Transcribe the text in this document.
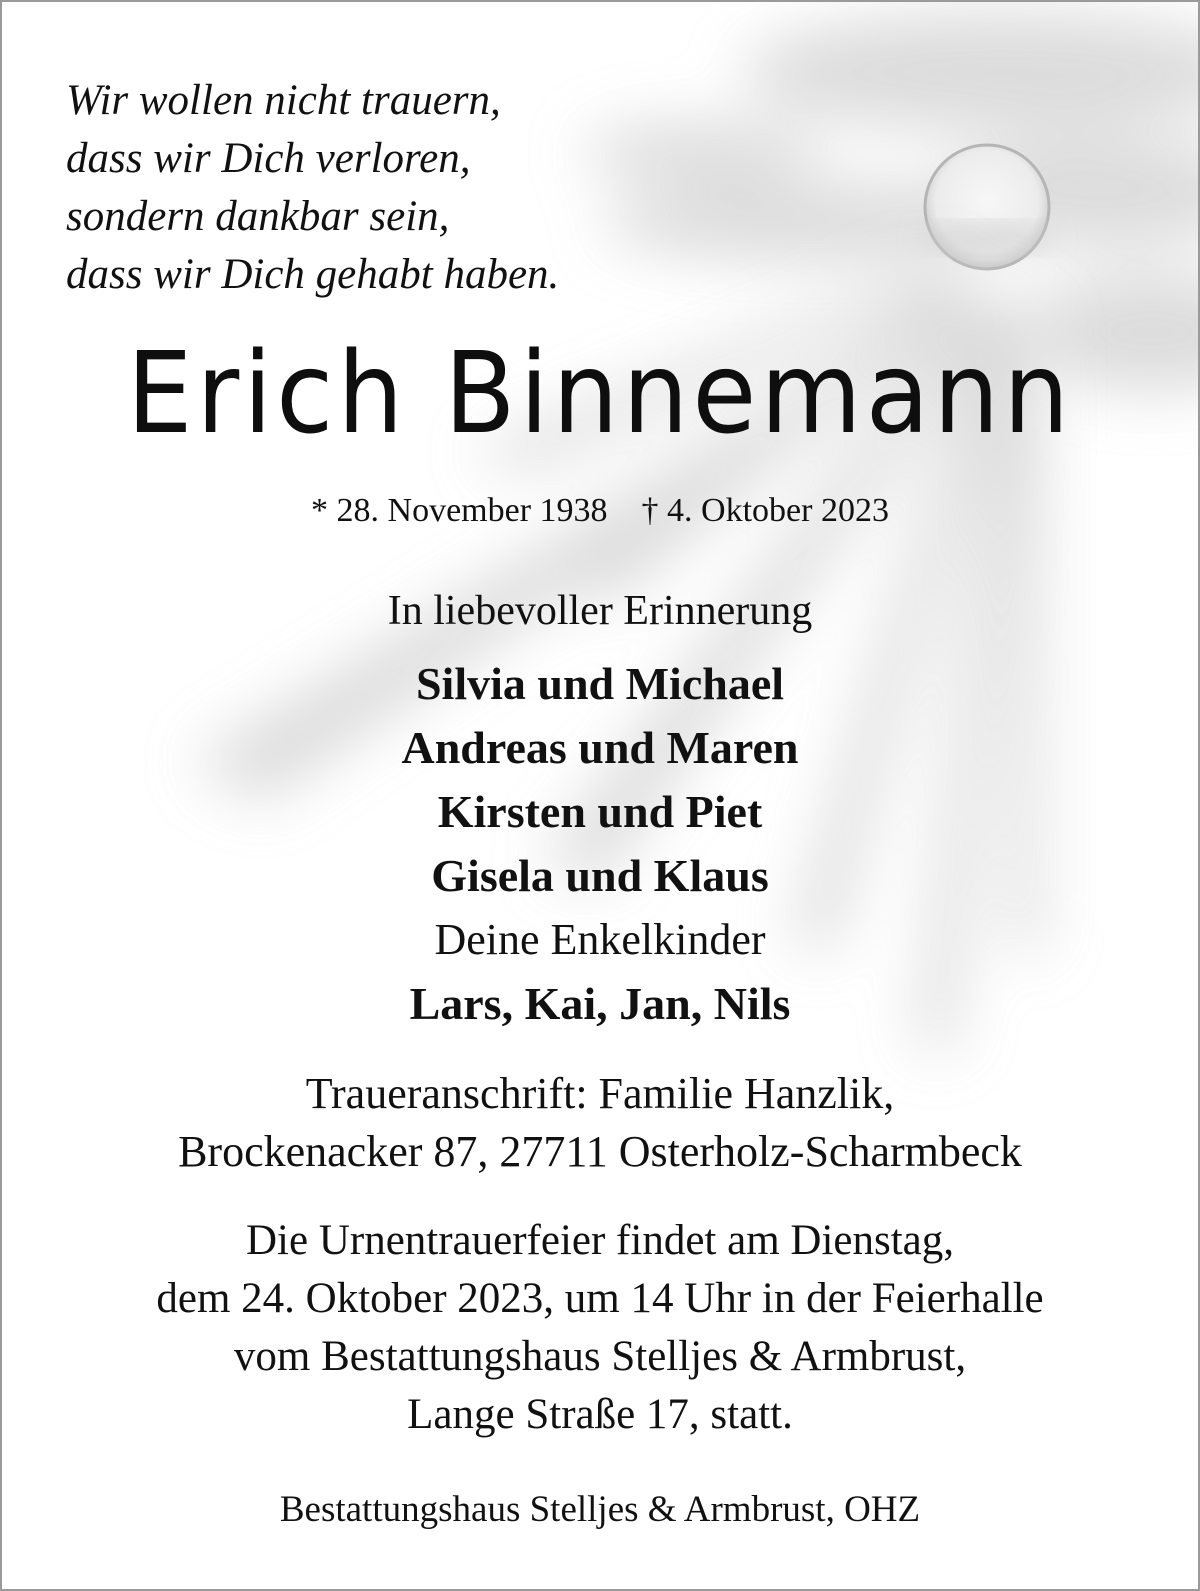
Wir wollen nicht trauern,
dass wir Dich verloren,
sondern dankbar sein,
dass wir Dich gehabt haben.
Erich Binnemann
* 28. November 1938 † 4. Oktober 2023
In liebevoller Erinnerung
Silvia und Michael
Andreas und Maren
Kirsten und Piet
Gisela und Klaus
Deine Enkelkinder
Lars, Kai, Jan, Nils
Traueranschrift: Familie Hanzlik,
Brockenacker 87, 27711 Osterholz-Scharmbeck
Die Urnentrauerfeier findet am Dienstag,
dem 24. Oktober 2023, um 14 Uhr in der Feierhalle
vom Bestattungshaus Stelljes & Armbrust,
Lange Straße 17, statt.
Bestattungshaus Stelljes & Armbrust, OHZ
